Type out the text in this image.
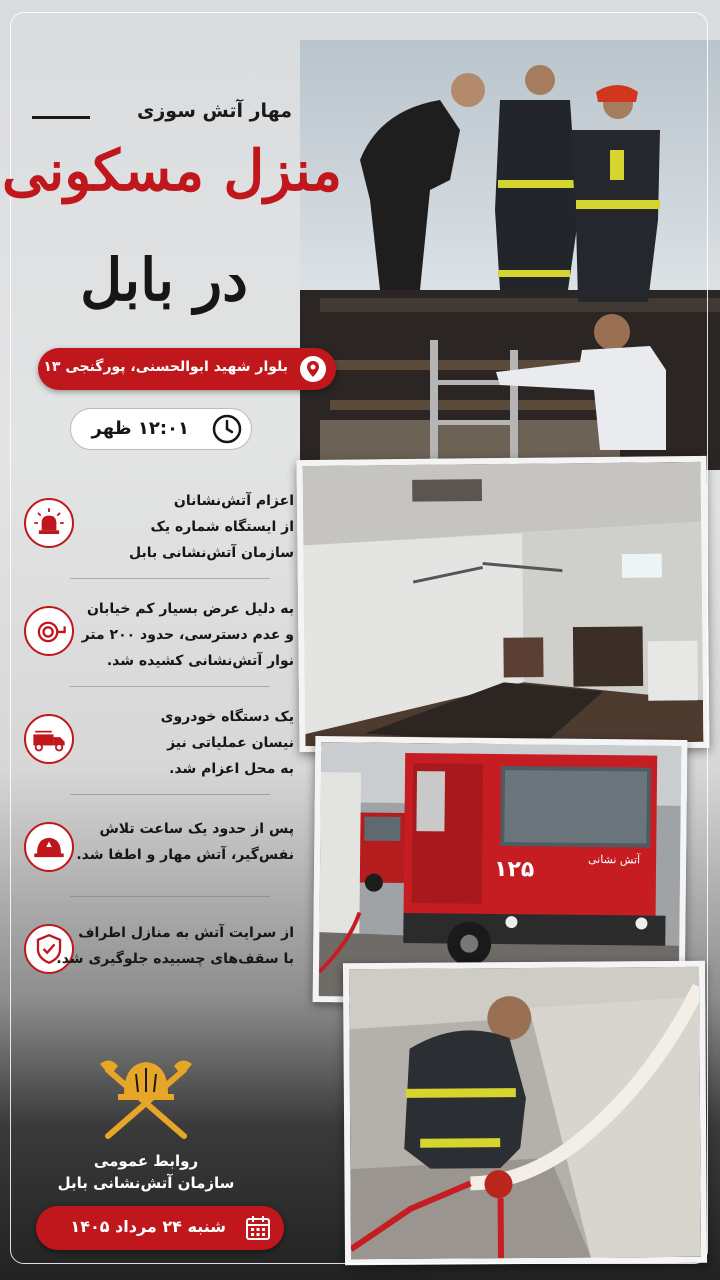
۱۲۵	آتش نشانی
مهار آتش سوزی
منزل مسکونی
در بابل
بلوار شهید ابوالحسنی، پورگنجی ۱۳
۱۲:۰۱ ظهر
اعزام آتش‌نشانان
از ایستگاه شماره یک
سازمان آتش‌نشانی بابل
به دلیل عرض بسیار کم خیابان
و عدم دسترسی، حدود ۲۰۰ متر
نوار آتش‌نشانی کشیده شد.
یک دستگاه خودروی
نیسان عملیاتی نیز
به محل اعزام شد.
پس از حدود یک ساعت تلاش
نفس‌گیر، آتش مهار و اطفا شد.
از سرایت آتش به منازل اطراف
با سقف‌های چسبیده جلوگیری شد.
روابط عمومی
سازمان آتش‌نشانی بابل
شنبه ۲۴ مرداد ۱۴۰۵
